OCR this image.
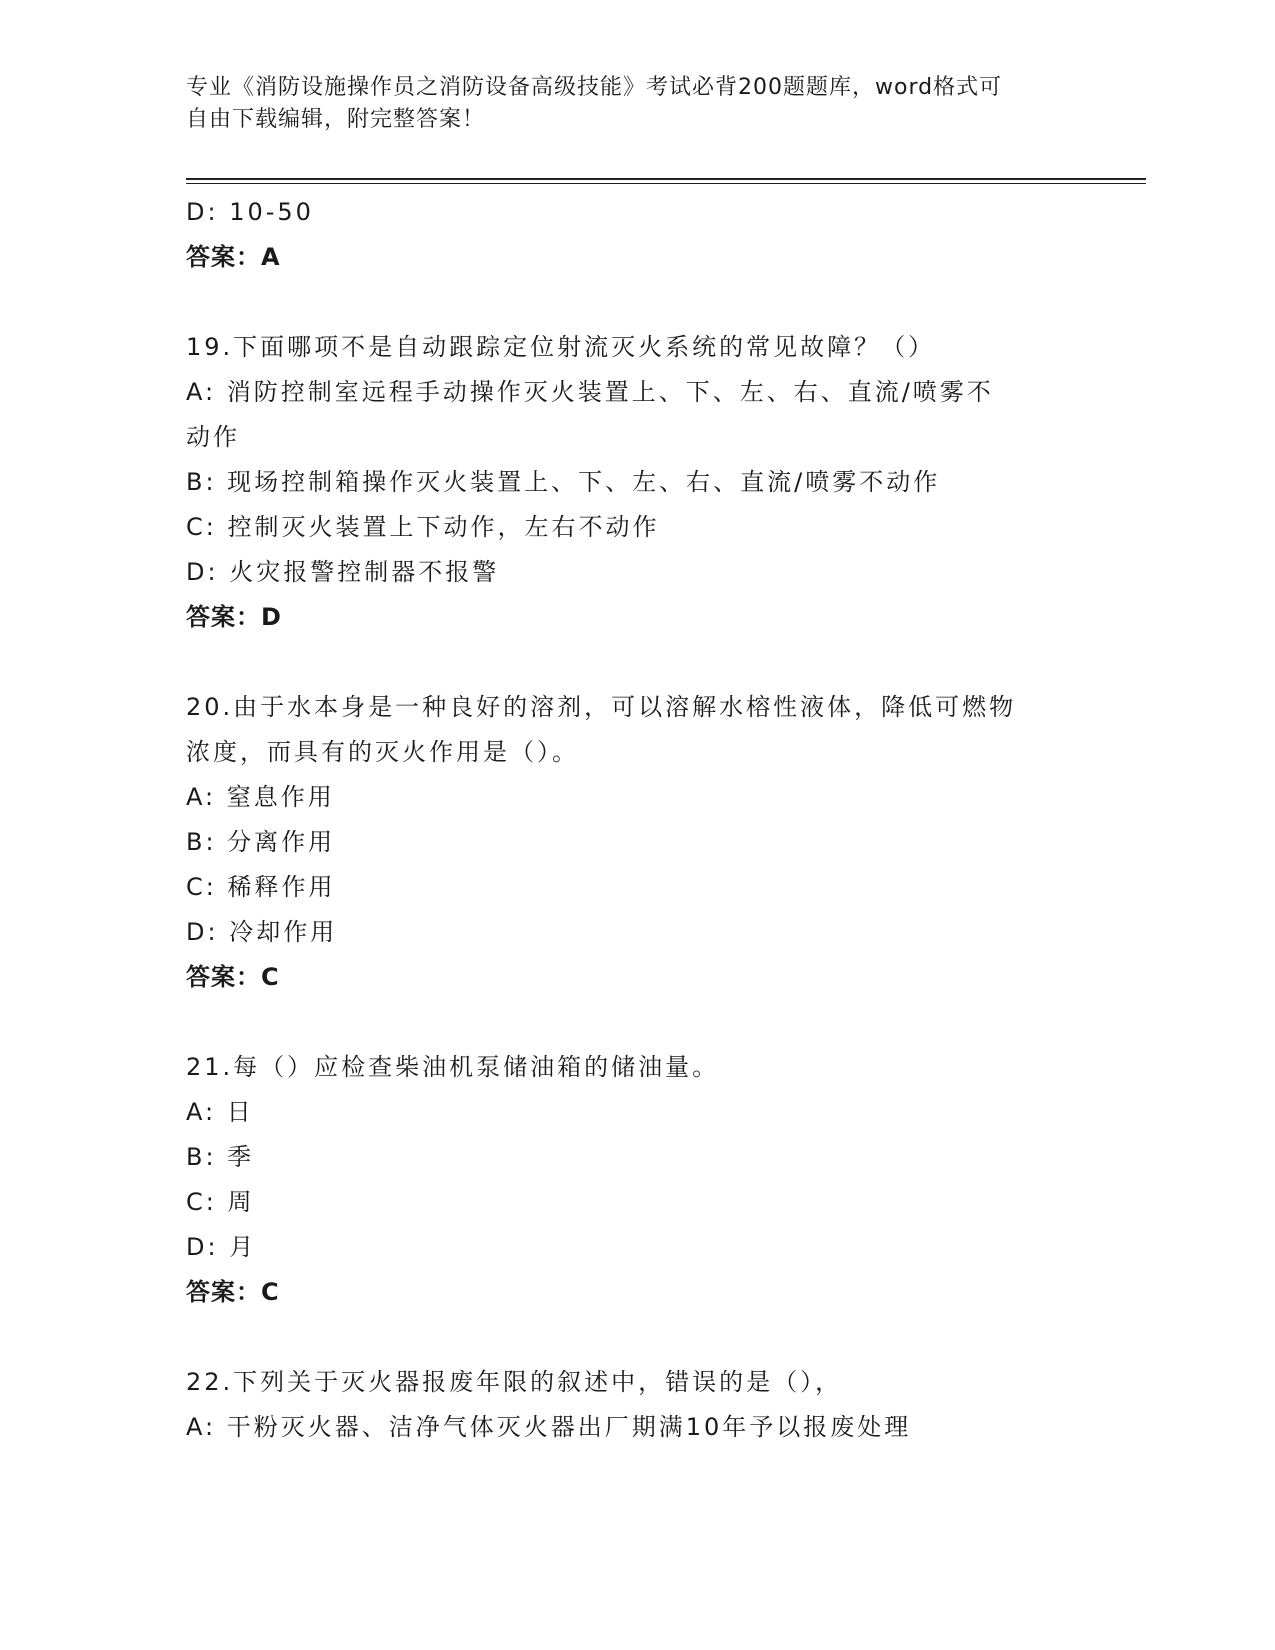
专业《消防设施操作员之消防设备高级技能》考试必背200题题库，word格式可
自由下载编辑，附完整答案！
D: 10-50
答案：A
19.下面哪项不是自动跟踪定位射流灭火系统的常见故障？（）
A: 消防控制室远程手动操作灭火装置上、下、左、右、直流/喷雾不
动作
B: 现场控制箱操作灭火装置上、下、左、右、直流/喷雾不动作
C: 控制灭火装置上下动作，左右不动作
D: 火灾报警控制器不报警
答案：D
20.由于水本身是一种良好的溶剂，可以溶解水榕性液体，降低可燃物
浓度，而具有的灭火作用是（）。
A: 窒息作用
B: 分离作用
C: 稀释作用
D: 冷却作用
答案：C
21.每（）应检查柴油机泵储油箱的储油量。
A: 日
B: 季
C: 周
D: 月
答案：C
22.下列关于灭火器报废年限的叙述中，错误的是（），
A: 干粉灭火器、洁净气体灭火器出厂期满10年予以报废处理
